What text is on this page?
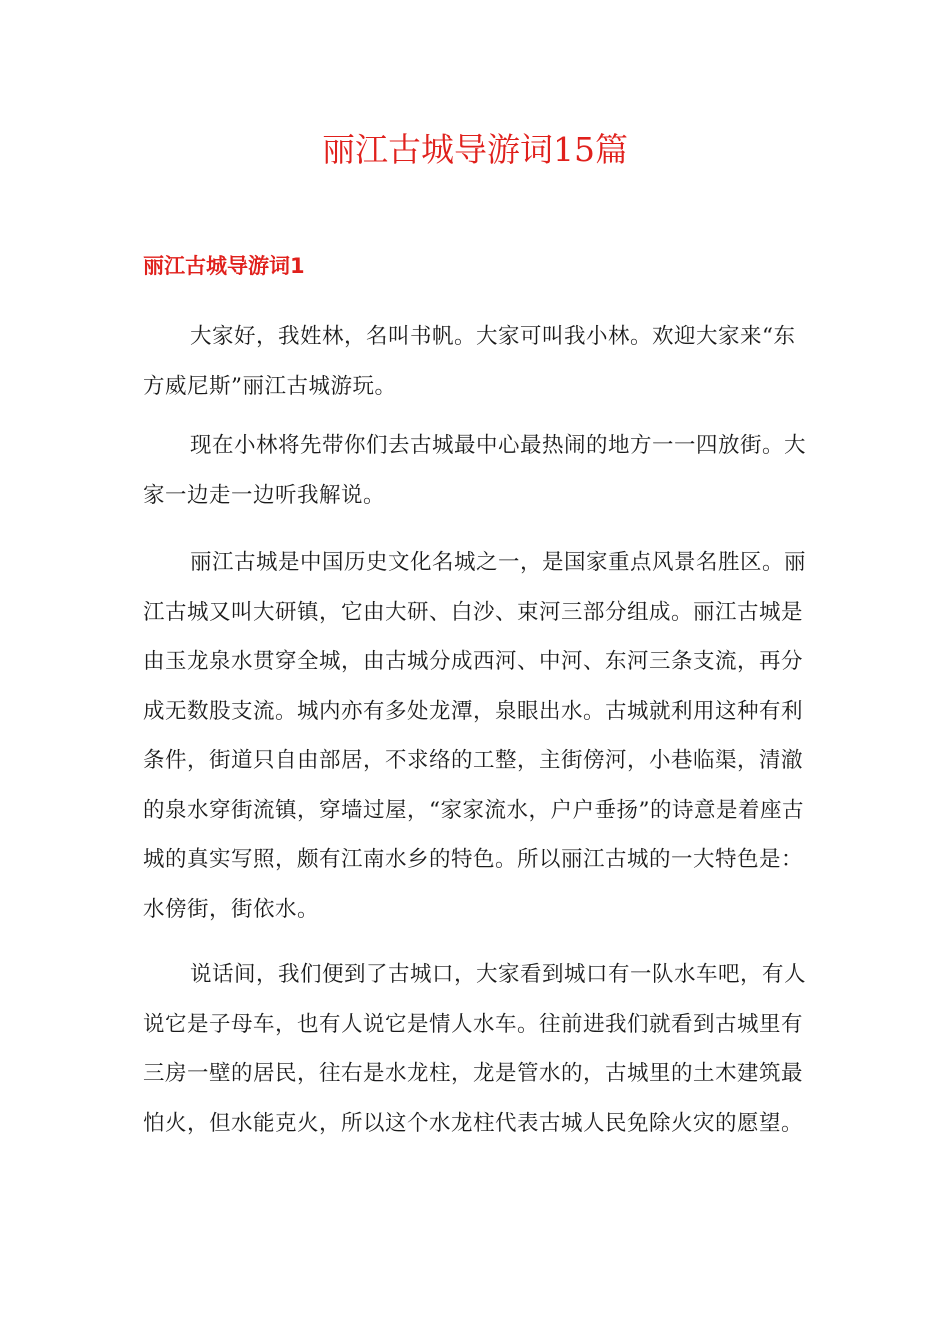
丽江古城导游词15篇
丽江古城导游词1

大家好，我姓林，名叫书帆。大家可叫我小林。欢迎大家来“东方威尼斯”丽江古城游玩。

现在小林将先带你们去古城最中心最热闹的地方一一四放街。大家一边走一边听我解说。

丽江古城是中国历史文化名城之一，是国家重点风景名胜区。丽江古城又叫大研镇，它由大研、白沙、束河三部分组成。丽江古城是由玉龙泉水贯穿全城，由古城分成西河、中河、东河三条支流，再分成无数股支流。城内亦有多处龙潭，泉眼出水。古城就利用这种有利条件，街道只自由部居，不求络的工整，主街傍河，小巷临渠，清澈的泉水穿街流镇，穿墙过屋，“家家流水，户户垂扬”的诗意是着座古城的真实写照，颇有江南水乡的特色。所以丽江古城的一大特色是：水傍街，街依水。

说话间，我们便到了古城口，大家看到城口有一队水车吧，有人说它是子母车，也有人说它是情人水车。往前进我们就看到古城里有三房一壁的居民，往右是水龙柱，龙是管水的，古城里的土木建筑最怕火，但水能克火，所以这个水龙柱代表古城人民免除火灾的愿望。
